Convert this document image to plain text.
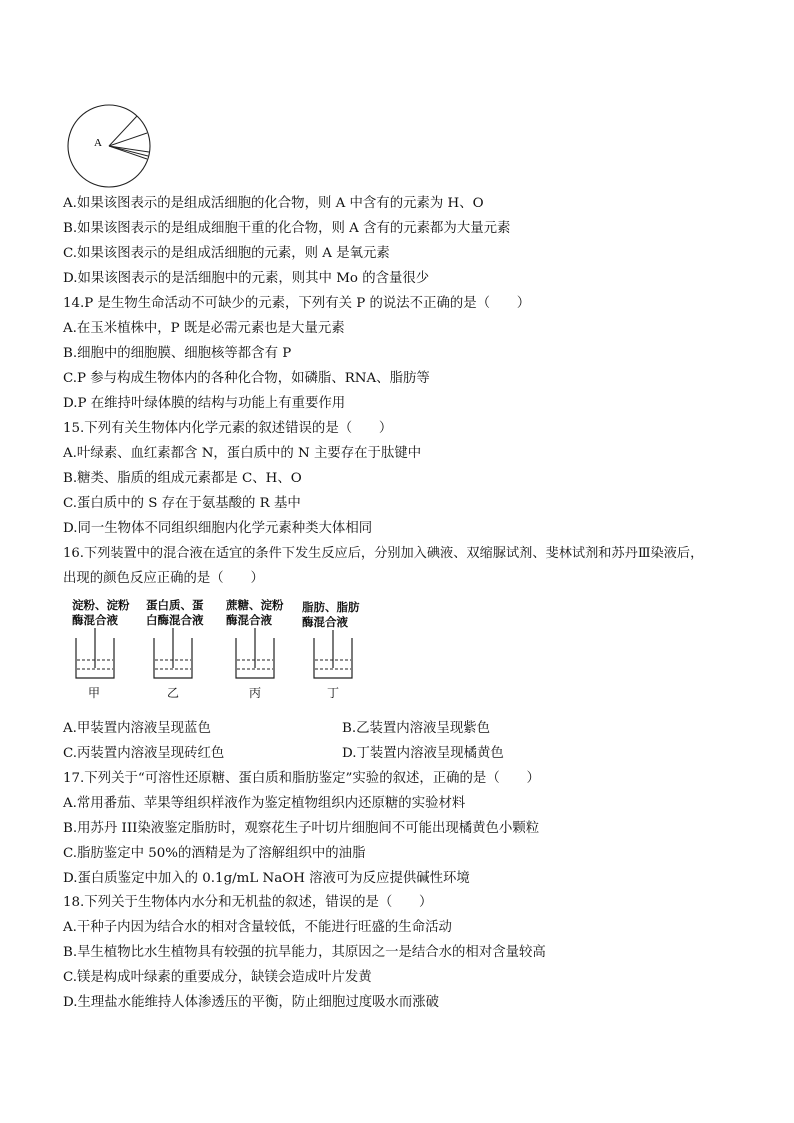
A
A.如果该图表示的是组成活细胞的化合物，则 A 中含有的元素为 H、O
B.如果该图表示的是组成细胞干重的化合物，则 A 含有的元素都为大量元素
C.如果该图表示的是组成活细胞的元素，则 A 是氧元素
D.如果该图表示的是活细胞中的元素，则其中 Mo 的含量很少
14.P 是生物生命活动不可缺少的元素，下列有关 P 的说法不正确的是（　　）
A.在玉米植株中，P 既是必需元素也是大量元素
B.细胞中的细胞膜、细胞核等都含有 P
C.P 参与构成生物体内的各种化合物，如磷脂、RNA、脂肪等
D.P 在维持叶绿体膜的结构与功能上有重要作用
15.下列有关生物体内化学元素的叙述错误的是（　　）
A.叶绿素、血红素都含 N，蛋白质中的 N 主要存在于肽键中
B.糖类、脂质的组成元素都是 C、H、O
C.蛋白质中的 S 存在于氨基酸的 R 基中
D.同一生物体不同组织细胞内化学元素种类大体相同
16.下列装置中的混合液在适宜的条件下发生反应后，分别加入碘液、双缩脲试剂、斐林试剂和苏丹Ⅲ染液后，
出现的颜色反应正确的是（　　）
淀粉、淀粉
酶混合液
蛋白质、蛋
白酶混合液
蔗糖、淀粉
酶混合液
脂肪、脂肪
酶混合液
甲	乙	丙	丁
A.甲装置内溶液呈现蓝色	B.乙装置内溶液呈现紫色
C.丙装置内溶液呈现砖红色	D.丁装置内溶液呈现橘黄色
17.下列关于“可溶性还原糖、蛋白质和脂肪鉴定”实验的叙述，正确的是（　　）
A.常用番茄、苹果等组织样液作为鉴定植物组织内还原糖的实验材料
B.用苏丹 III染液鉴定脂肪时，观察花生子叶切片细胞间不可能出现橘黄色小颗粒
C.脂肪鉴定中 50%的酒精是为了溶解组织中的油脂
D.蛋白质鉴定中加入的 0.1g/mL NaOH 溶液可为反应提供碱性环境
18.下列关于生物体内水分和无机盐的叙述，错误的是（　　）
A.干种子内因为结合水的相对含量较低，不能进行旺盛的生命活动
B.旱生植物比水生植物具有较强的抗旱能力，其原因之一是结合水的相对含量较高
C.镁是构成叶绿素的重要成分，缺镁会造成叶片发黄
D.生理盐水能维持人体渗透压的平衡，防止细胞过度吸水而涨破
